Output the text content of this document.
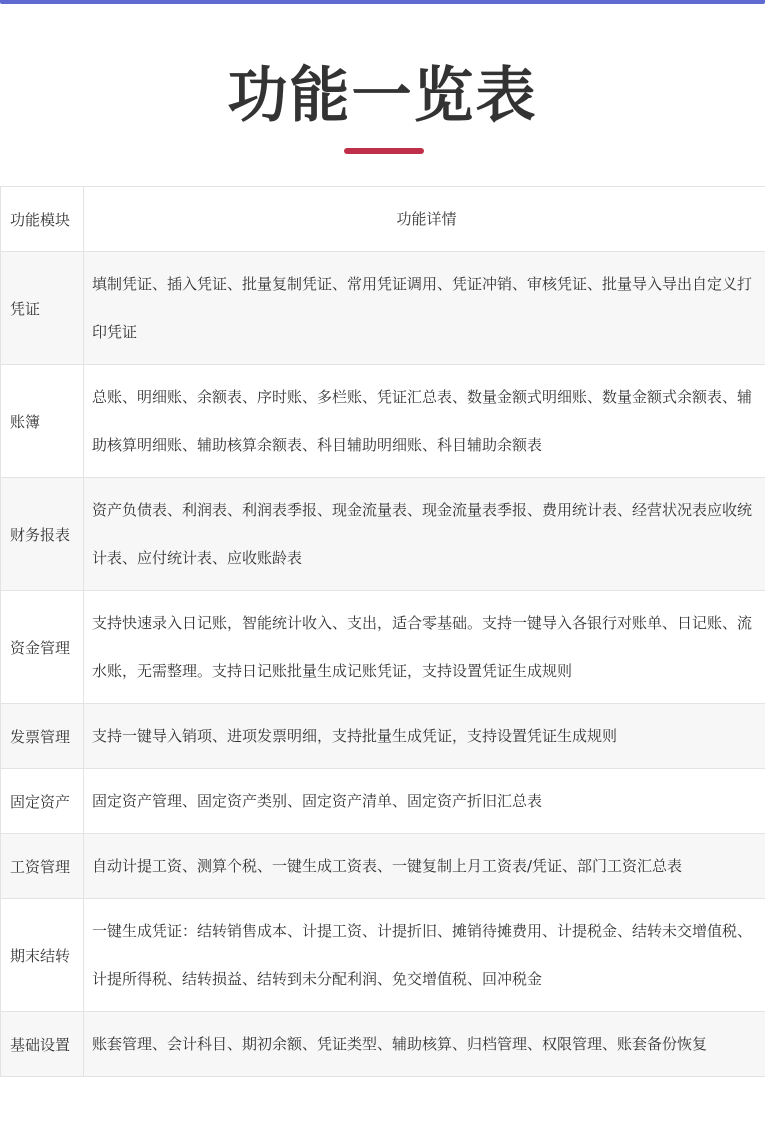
功能一览表
功能模块	功能详情
凭证	填制凭证、插入凭证、批量复制凭证、常用凭证调用、凭证冲销、审核凭证、批量导入导出自定义打印凭证
账簿	总账、明细账、余额表、序时账、多栏账、凭证汇总表、数量金额式明细账、数量金额式余额表、辅助核算明细账、辅助核算余额表、科目辅助明细账、科目辅助余额表
财务报表	资产负债表、利润表、利润表季报、现金流量表、现金流量表季报、费用统计表、经营状况表应收统计表、应付统计表、应收账龄表
资金管理	支持快速录入日记账，智能统计收入、支出，适合零基础。支持一键导入各银行对账单、日记账、流水账，无需整理。支持日记账批量生成记账凭证，支持设置凭证生成规则
发票管理	支持一键导入销项、进项发票明细，支持批量生成凭证，支持设置凭证生成规则
固定资产	固定资产管理、固定资产类别、固定资产清单、固定资产折旧汇总表
工资管理	自动计提工资、测算个税、一键生成工资表、一键复制上月工资表/凭证、部门工资汇总表
期末结转	一键生成凭证：结转销售成本、计提工资、计提折旧、摊销待摊费用、计提税金、结转未交增值税、计提所得税、结转损益、结转到未分配利润、免交增值税、回冲税金
基础设置	账套管理、会计科目、期初余额、凭证类型、辅助核算、归档管理、权限管理、账套备份恢复
